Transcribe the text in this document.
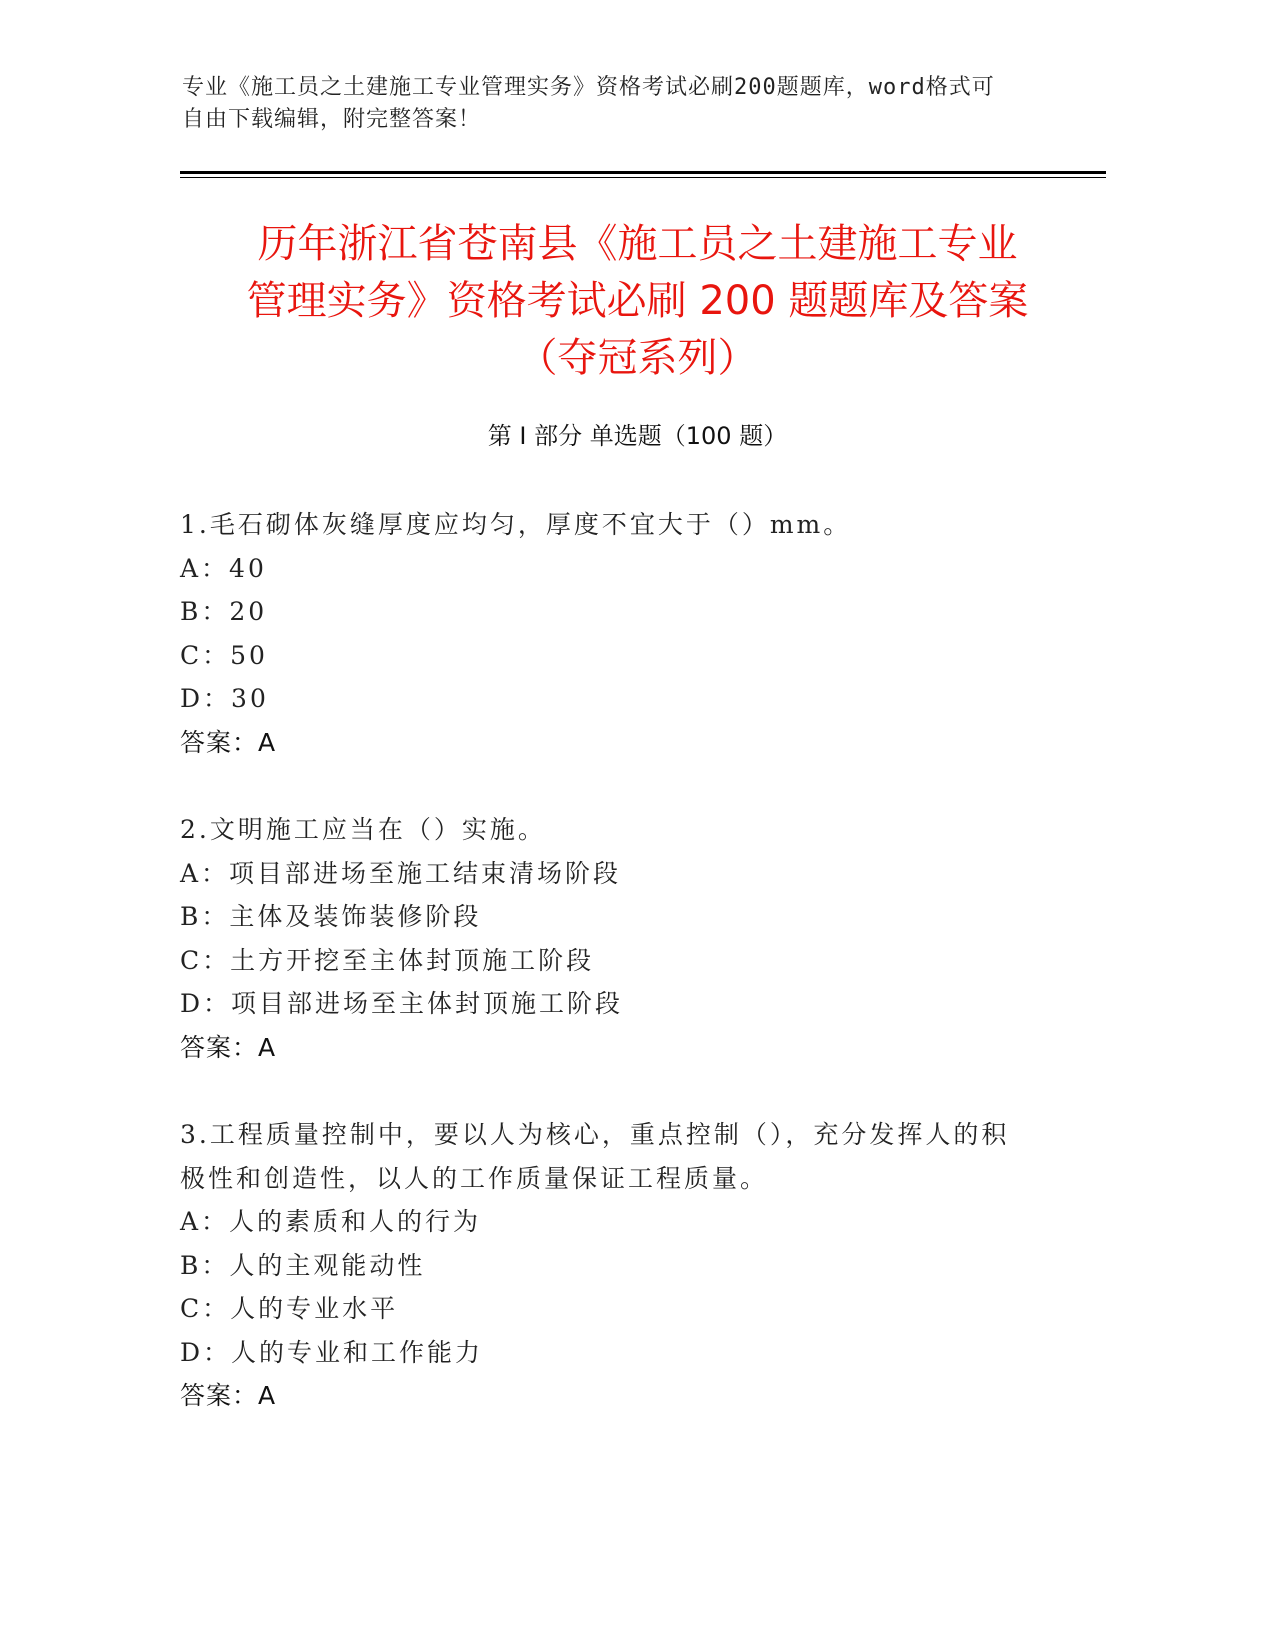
专业《施工员之土建施工专业管理实务》资格考试必刷200题题库，word格式可
自由下载编辑，附完整答案！
历年浙江省苍南县《施工员之土建施工专业
管理实务》资格考试必刷 200 题题库及答案
（夺冠系列）
第 I 部分 单选题（100 题）
1.毛石砌体灰缝厚度应均匀，厚度不宜大于（）mm。
A：40
B：20
C：50
D：30
答案：A
2.文明施工应当在（）实施。
A：项目部进场至施工结束清场阶段
B：主体及装饰装修阶段
C：土方开挖至主体封顶施工阶段
D：项目部进场至主体封顶施工阶段
答案：A
3.工程质量控制中，要以人为核心，重点控制（），充分发挥人的积
极性和创造性，以人的工作质量保证工程质量。
A：人的素质和人的行为
B：人的主观能动性
C：人的专业水平
D：人的专业和工作能力
答案：A
